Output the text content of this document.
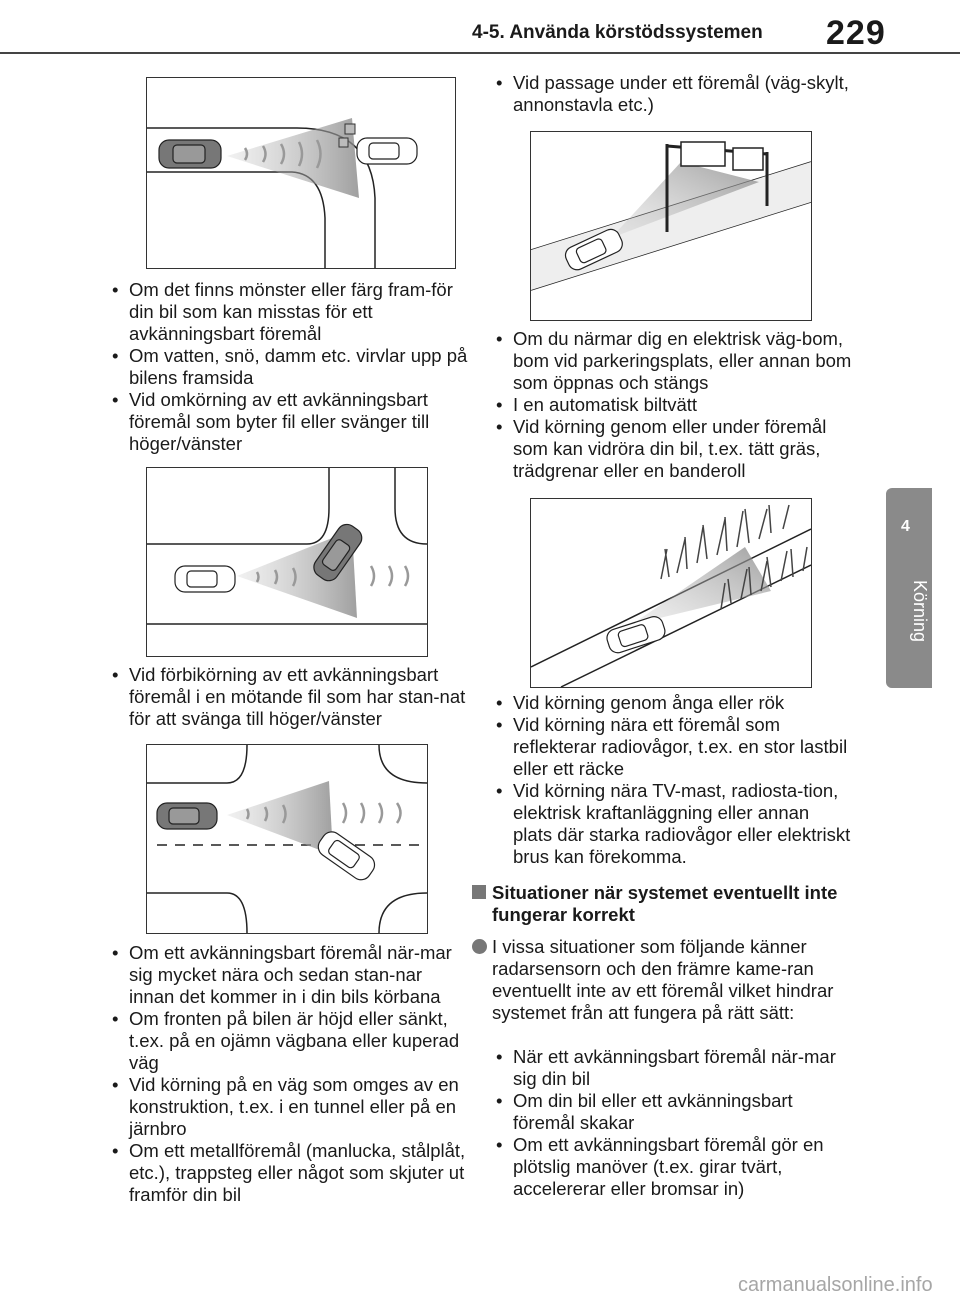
4-5. Använda körstödssystemen 229
4
Körning
• Om det finns mönster eller färg fram-för din bil som kan misstas för ett avkänningsbart föremål
• Om vatten, snö, damm etc. virvlar upp på bilens framsida
• Vid omkörning av ett avkänningsbart föremål som byter fil eller svänger till höger/vänster
• Vid förbikörning av ett avkänningsbart föremål i en mötande fil som har stan-nat för att svänga till höger/vänster
• Om ett avkänningsbart föremål när-mar sig mycket nära och sedan stan-nar innan det kommer in i din bils körbana
• Om fronten på bilen är höjd eller sänkt, t.ex. på en ojämn vägbana eller kuperad väg
• Vid körning på en väg som omges av en konstruktion, t.ex. i en tunnel eller på en järnbro
• Om ett metallföremål (manlucka, stålplåt, etc.), trappsteg eller något som skjuter ut framför din bil
• Vid passage under ett föremål (väg-skylt, annonstavla etc.)
• Om du närmar dig en elektrisk väg-bom, bom vid parkeringsplats, eller annan bom som öppnas och stängs
• I en automatisk biltvätt
• Vid körning genom eller under föremål som kan vidröra din bil, t.ex. tätt gräs, trädgrenar eller en banderoll
• Vid körning genom ånga eller rök
• Vid körning nära ett föremål som reflekterar radiovågor, t.ex. en stor lastbil eller ett räcke
• Vid körning nära TV-mast, radiosta-tion, elektrisk kraftanläggning eller annan plats där starka radiovågor eller elektriskt brus kan förekomma.
Situationer när systemet eventuellt inte fungerar korrekt
I vissa situationer som följande känner radarsensorn och den främre kame-ran eventuellt inte av ett föremål vilket hindrar systemet från att fungera på rätt sätt:
• När ett avkänningsbart föremål när-mar sig din bil
• Om din bil eller ett avkänningsbart föremål skakar
• Om ett avkänningsbart föremål gör en plötslig manöver (t.ex. girar tvärt, accelererar eller bromsar in)
carmanualsonline.info
